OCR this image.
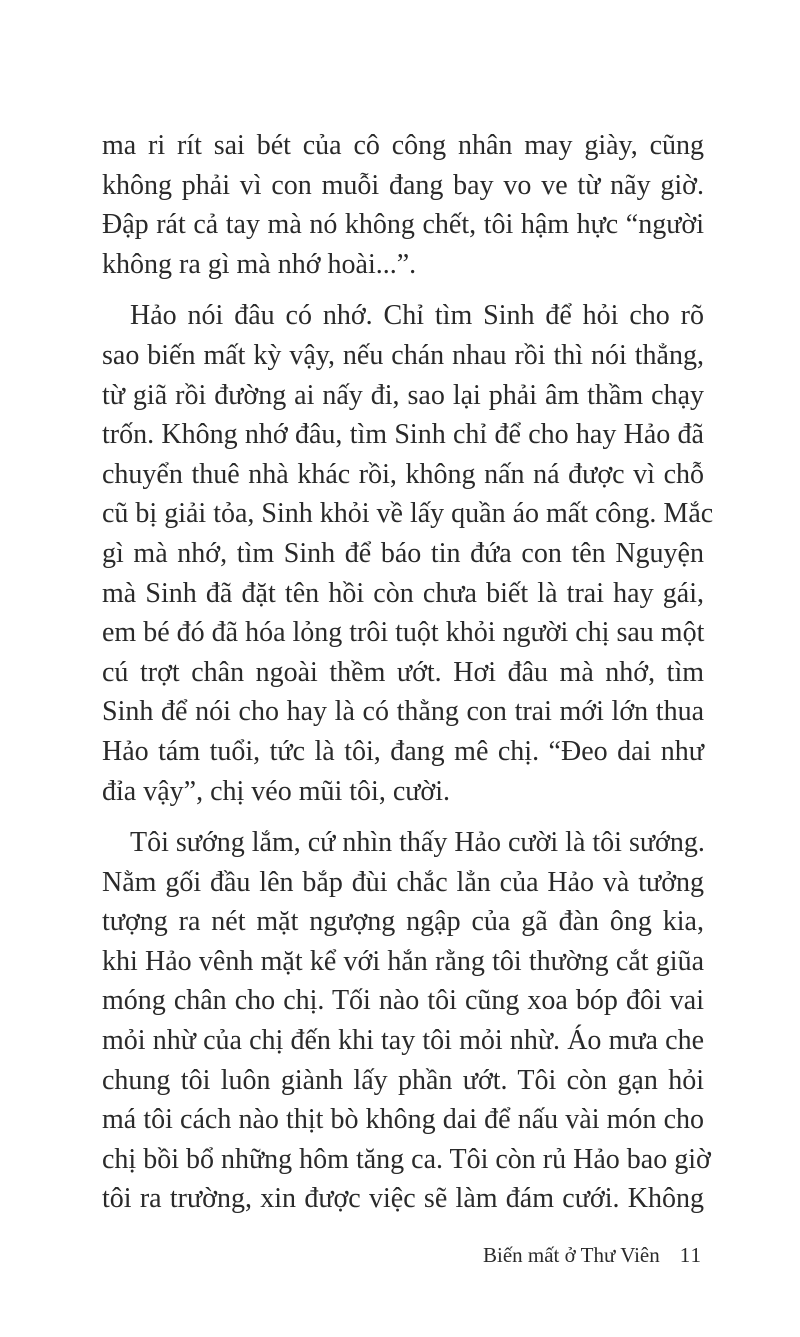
ma ri rít sai bét của cô công nhân may giày, cũng
không phải vì con muỗi đang bay vo ve từ nãy giờ.
Đập rát cả tay mà nó không chết, tôi hậm hực “người
không ra gì mà nhớ hoài...”.
Hảo nói đâu có nhớ. Chỉ tìm Sinh để hỏi cho rõ
sao biến mất kỳ vậy, nếu chán nhau rồi thì nói thẳng,
từ giã rồi đường ai nấy đi, sao lại phải âm thầm chạy
trốn. Không nhớ đâu, tìm Sinh chỉ để cho hay Hảo đã
chuyển thuê nhà khác rồi, không nấn ná được vì chỗ
cũ bị giải tỏa, Sinh khỏi về lấy quần áo mất công. Mắc
gì mà nhớ, tìm Sinh để báo tin đứa con tên Nguyện
mà Sinh đã đặt tên hồi còn chưa biết là trai hay gái,
em bé đó đã hóa lỏng trôi tuột khỏi người chị sau một
cú trợt chân ngoài thềm ướt. Hơi đâu mà nhớ, tìm
Sinh để nói cho hay là có thằng con trai mới lớn thua
Hảo tám tuổi, tức là tôi, đang mê chị. “Đeo dai như
đỉa vậy”, chị véo mũi tôi, cười.
Tôi sướng lắm, cứ nhìn thấy Hảo cười là tôi sướng.
Nằm gối đầu lên bắp đùi chắc lẳn của Hảo và tưởng
tượng ra nét mặt ngượng ngập của gã đàn ông kia,
khi Hảo vênh mặt kể với hắn rằng tôi thường cắt giũa
móng chân cho chị. Tối nào tôi cũng xoa bóp đôi vai
mỏi nhừ của chị đến khi tay tôi mỏi nhừ. Áo mưa che
chung tôi luôn giành lấy phần ướt. Tôi còn gạn hỏi
má tôi cách nào thịt bò không dai để nấu vài món cho
chị bồi bổ những hôm tăng ca. Tôi còn rủ Hảo bao giờ
tôi ra trường, xin được việc sẽ làm đám cưới. Không
Biến mất ở Thư Viên 11
